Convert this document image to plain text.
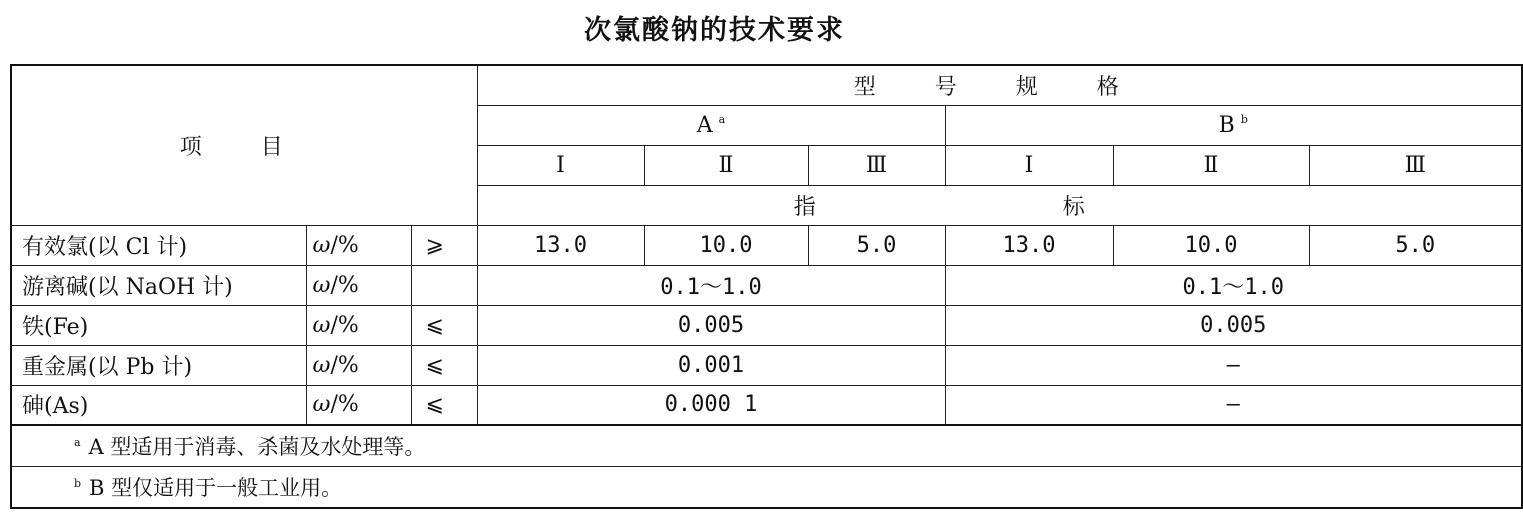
次氯酸钠的技术要求
项 目			型 号 规 格					
			A $^a$			B $^b$
			Ⅰ	Ⅱ	Ⅲ	Ⅰ	Ⅱ	Ⅲ
			指 标					
有效氯(以 Cl 计)	ω/%	⩾	13.0	10.0	5.0	13.0	10.0	5.0
游离碱(以 NaOH 计)	ω/%		0.1～1.0			0.1～1.0		
铁(Fe)	ω/%	⩽	0.005			0.005		
重金属(以 Pb 计)	ω/%	⩽	0.001			—		
砷(As)	ω/%	⩽	0.000 1			—		
$^a$ A 型适用于消毒、杀菌及水处理等。								
$^b$ B 型仅适用于一般工业用。								
